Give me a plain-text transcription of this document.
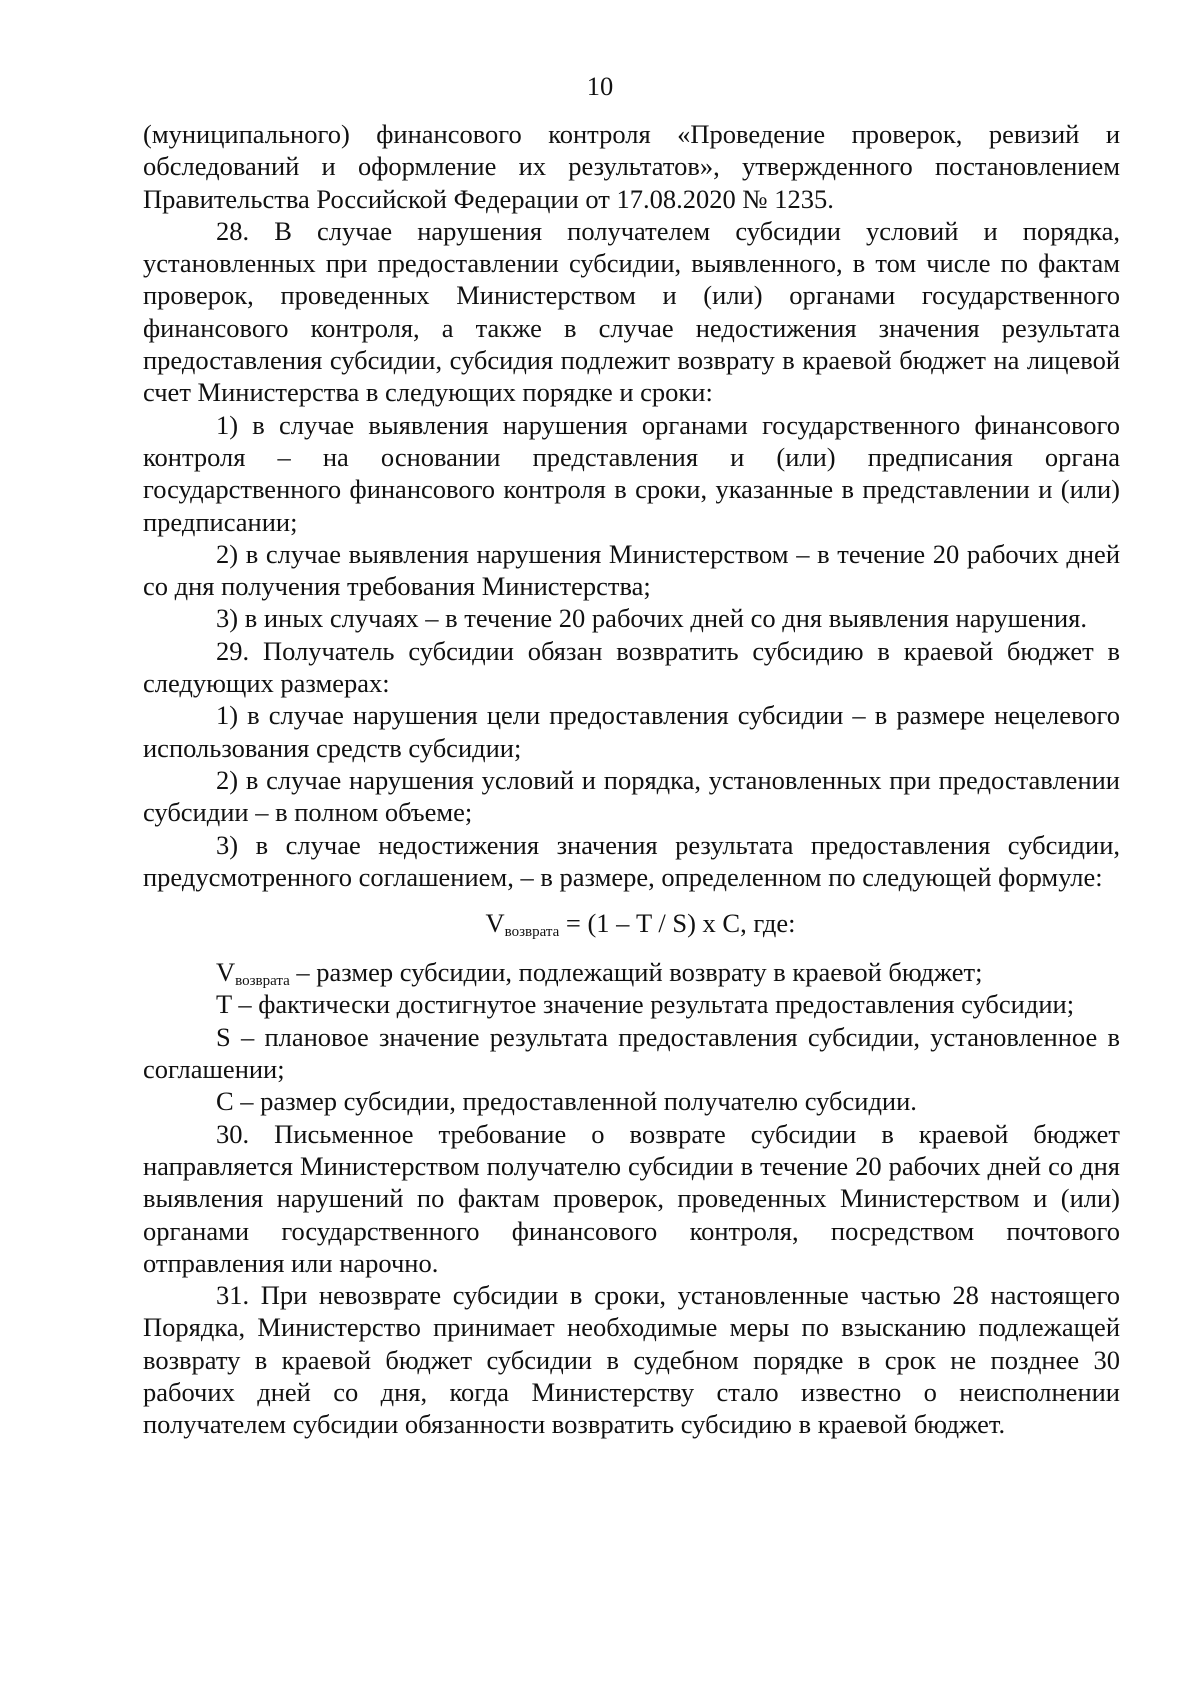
10

(муниципального) финансового контроля «Проведение проверок, ревизий и обследований и оформление их результатов», утвержденного постановлением Правительства Российской Федерации от 17.08.2020 № 1235.

28. В случае нарушения получателем субсидии условий и порядка, установленных при предоставлении субсидии, выявленного, в том числе по фактам проверок, проведенных Министерством и (или) органами государственного финансового контроля, а также в случае недостижения значения результата предоставления субсидии, субсидия подлежит возврату в краевой бюджет на лицевой счет Министерства в следующих порядке и сроки:

1) в случае выявления нарушения органами государственного финансового контроля – на основании представления и (или) предписания органа государственного финансового контроля в сроки, указанные в представлении и (или) предписании;

2) в случае выявления нарушения Министерством – в течение 20 рабочих дней со дня получения требования Министерства;

3) в иных случаях – в течение 20 рабочих дней со дня выявления нарушения.

29. Получатель субсидии обязан возвратить субсидию в краевой бюджет в следующих размерах:

1) в случае нарушения цели предоставления субсидии – в размере нецелевого использования средств субсидии;

2) в случае нарушения условий и порядка, установленных при предоставлении субсидии – в полном объеме;

3) в случае недостижения значения результата предоставления субсидии, предусмотренного соглашением, – в размере, определенном по следующей формуле:

$V_{возврата} = (1 - T / S)$ x C, где:

$V_{возврата}$ – размер субсидии, подлежащий возврату в краевой бюджет;

T – фактически достигнутое значение результата предоставления субсидии;

S – плановое значение результата предоставления субсидии, установленное в соглашении;

C – размер субсидии, предоставленной получателю субсидии.

30. Письменное требование о возврате субсидии в краевой бюджет направляется Министерством получателю субсидии в течение 20 рабочих дней со дня выявления нарушений по фактам проверок, проведенных Министерством и (или) органами государственного финансового контроля, посредством почтового отправления или нарочно.

31. При невозврате субсидии в сроки, установленные частью 28 настоящего Порядка, Министерство принимает необходимые меры по взысканию подлежащей возврату в краевой бюджет субсидии в судебном порядке в срок не позднее 30 рабочих дней со дня, когда Министерству стало известно о неисполнении получателем субсидии обязанности возвратить субсидию в краевой бюджет.
